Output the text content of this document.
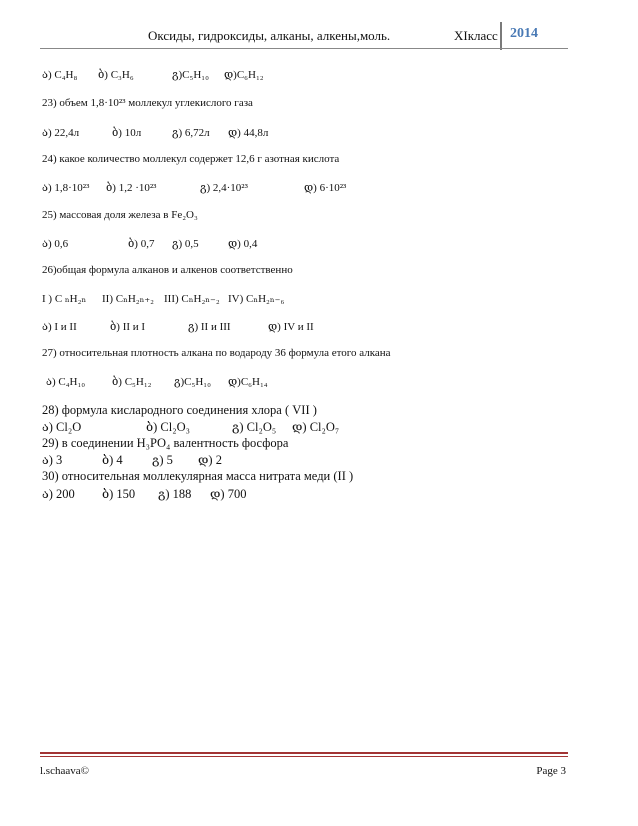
Оксиды, гидроксиды, алканы, алкены,моль.	XIкласс 2014
ა) C₄H₈ ბ) C₃H₆	გ)C₅H₁₀ დ)C₆H₁₂
23) объем 1,8·10²³ моллекул углекислого газа
ა) 22,4л	ბ) 10л	გ) 6,72л დ) 44,8л
24) какое количество моллекул содержет 12,6 г азотная кислота
ა) 1,8·10²³ ბ) 1,2 ·10²³	გ) 2,4·10²³	დ) 6·10²³
25) массовая доля железа в Fe₂O₃
ა) 0,6	ბ) 0,7 გ) 0,5	დ) 0,4
26)общая формула алканов и алкенов соответственно
I ) C ₙH₂ₙ II) CₙH₂ₙ₊₂ III) CₙH₂ₙ₋₂ IV) CₙH₂ₙ₋₆
ა) I и II	ბ) II и I	გ) II и III	დ) IV и II
27) относительная плотность алкана по водароду 36 формула етого алкана
ა) C₄H₁₀ ბ) C₅H₁₂ გ)C₅H₁₀ დ)C₆H₁₄
28) формула кислародного соединения хлора ( VII )
ა) Cl₂O	ბ) Cl₂O₃	გ) Cl₂O₅ დ) Cl₂O₇
29) в соединении H₃PO₄ валентность фосфора
ა) 3	ბ) 4 გ) 5 დ) 2
30) относительная моллекулярная масса нитрата меди (II )
ა) 200 ბ) 150 გ) 188 დ) 700
l.schaava©	Page 3
